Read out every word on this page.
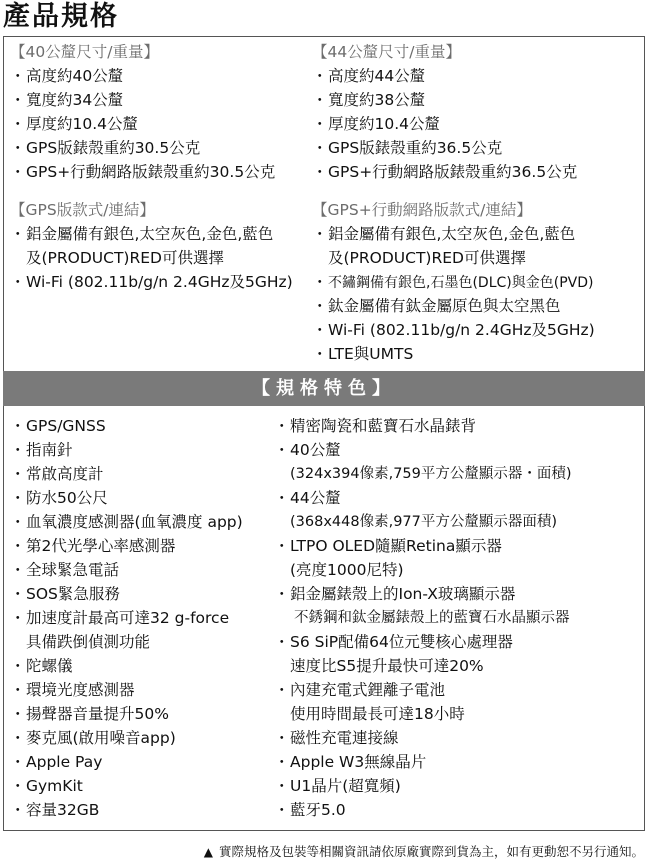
產品規格
【40公釐尺寸/重量】
・高度約40公釐
・寬度約34公釐
・厚度約10.4公釐
・GPS版錶殼重約30.5公克
・GPS+行動網路版錶殼重約30.5公克
【44公釐尺寸/重量】
・高度約44公釐
・寬度約38公釐
・厚度約10.4公釐
・GPS版錶殼重約36.5公克
・GPS+行動網路版錶殼重約36.5公克
【GPS版款式/連結】
・鋁金屬備有銀色,太空灰色,金色,藍色
及(PRODUCT)RED可供選擇
・Wi-Fi (802.11b/g/n 2.4GHz及5GHz)
【GPS+行動網路版款式/連結】
・鋁金屬備有銀色,太空灰色,金色,藍色
及(PRODUCT)RED可供選擇
・不鏽鋼備有銀色,石墨色(DLC)與金色(PVD)
・鈦金屬備有鈦金屬原色與太空黑色
・Wi-Fi (802.11b/g/n 2.4GHz及5GHz)
・LTE與UMTS
【規格特色】
・GPS/GNSS
・指南針
・常啟高度計
・防水50公尺
・血氧濃度感測器(血氧濃度 app)
・第2代光學心率感測器
・全球緊急電話
・SOS緊急服務
・加速度計最高可達32 g-force
具備跌倒偵測功能
・陀螺儀
・環境光度感測器
・揚聲器音量提升50%
・麥克風(啟用噪音app)
・Apple Pay
・GymKit
・容量32GB
・精密陶瓷和藍寶石水晶錶背
・40公釐
(324x394像素,759平方公釐顯示器・面積)
・44公釐
(368x448像素,977平方公釐顯示器面積)
・LTPO OLED隨顯Retina顯示器
(亮度1000尼特)
・鋁金屬錶殼上的Ion-X玻璃顯示器
不銹鋼和鈦金屬錶殼上的藍寶石水晶顯示器
・S6 SiP配備64位元雙核心處理器
速度比S5提升最快可達20%
・內建充電式鋰離子電池
使用時間最長可達18小時
・磁性充電連接線
・Apple W3無線晶片
・U1晶片(超寬頻)
・藍牙5.0
▲ 實際規格及包裝等相關資訊請依原廠實際到貨為主，如有更動恕不另行通知。
